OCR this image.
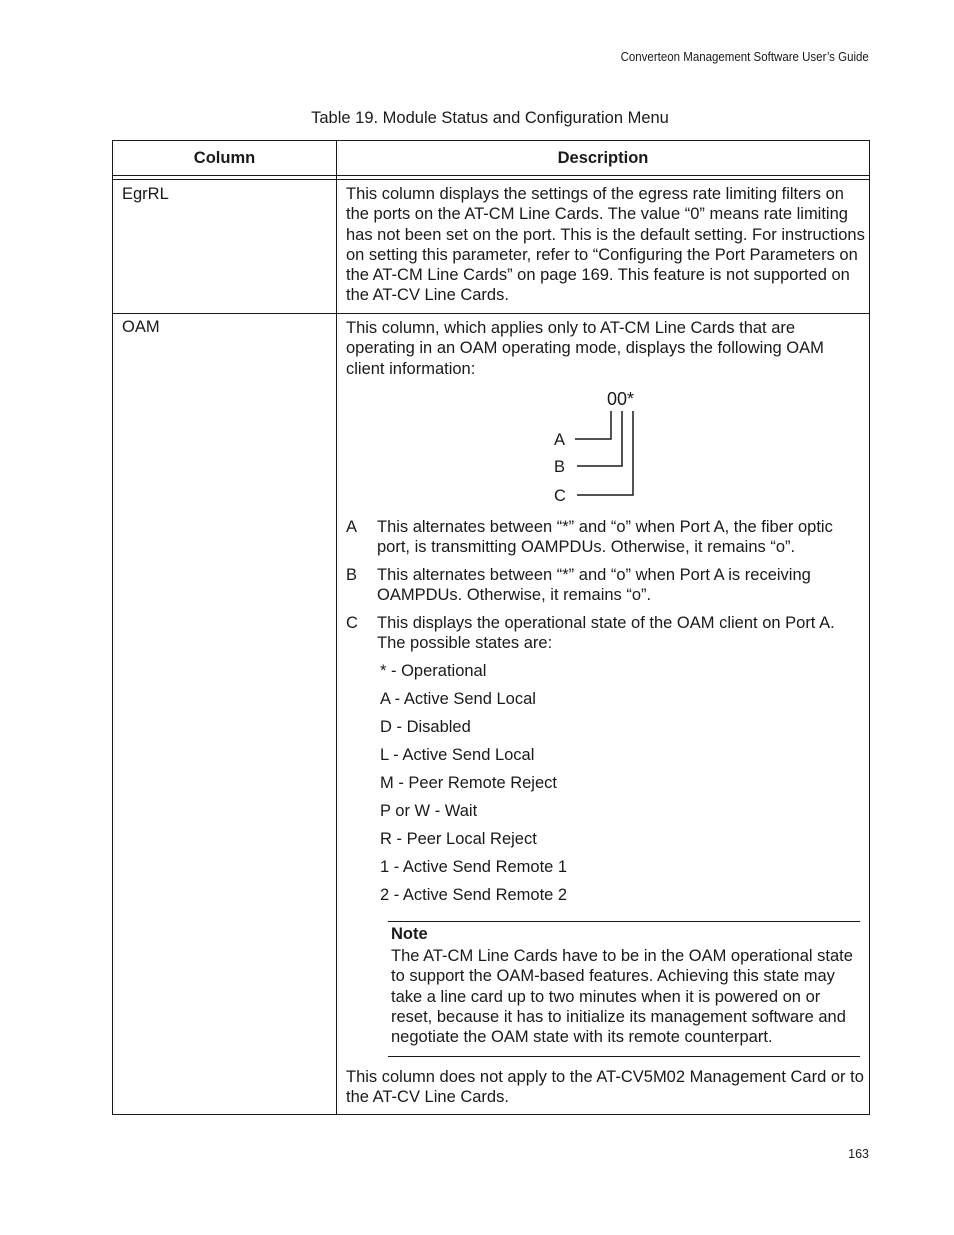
Converteon Management Software User’s Guide
Table 19. Module Status and Configuration Menu
Column	Description
EgrRL	This column displays the settings of the egress rate limiting filters on the ports on the AT-CM Line Cards. The value “0” means rate limiting has not been set on the port. This is the default setting. For instructions on setting this parameter, refer to “Configuring the Port Parameters on the AT-CM Line Cards” on page 169. This feature is not supported on the AT-CV Line Cards.

OAM	This column, which applies only to AT-CM Line Cards that are operating in an OAM operating mode, displays the following OAM client information:

00*
A
B
C
A This alternates between “*” and “o” when Port A, the fiber optic port, is transmitting OAMPDUs. Otherwise, it remains “o”.
B This alternates between “*” and “o” when Port A is receiving OAMPDUs. Otherwise, it remains “o”.
C This displays the operational state of the OAM client on Port A. The possible states are:
* - Operational
A - Active Send Local
D - Disabled
L - Active Send Local
M - Peer Remote Reject
P or W - Wait
R - Peer Local Reject
1 - Active Send Remote 1
2 - Active Send Remote 2
Note

The AT-CM Line Cards have to be in the OAM operational state to support the OAM-based features. Achieving this state may take a line card up to two minutes when it is powered on or reset, because it has to initialize its management software and negotiate the OAM state with its remote counterpart.

This column does not apply to the AT-CV5M02 Management Card or to the AT-CV Line Cards.

163
